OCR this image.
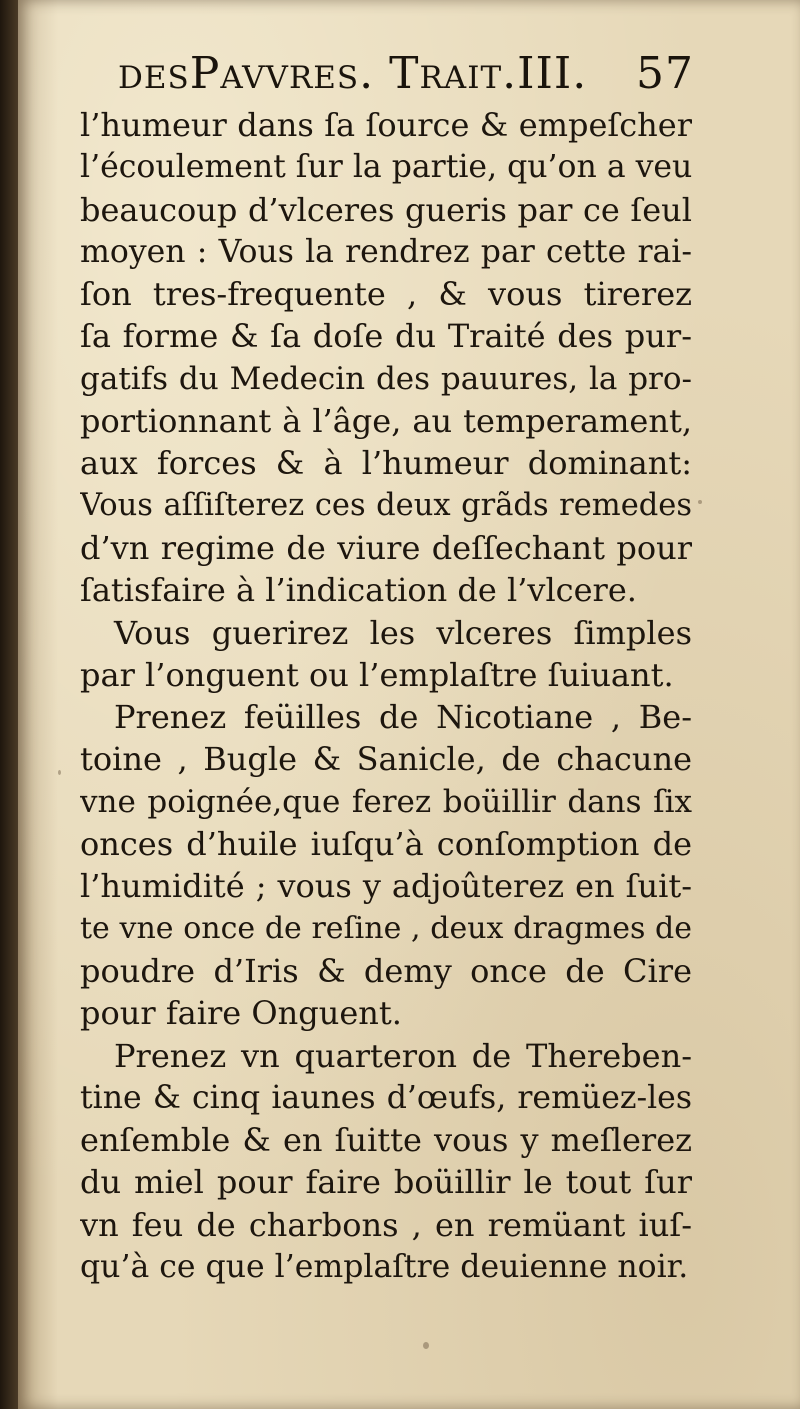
desPavvres. Trait.III. 57
l’humeur dans ſa ſource & empeſcher
l’écoulement ſur la partie, qu’on a veu
beaucoup d’vlceres gueris par ce ſeul
moyen : Vous la rendrez par cette rai-
ſon tres-frequente , & vous tirerez
ſa forme & ſa doſe du Traité des pur-
gatifs du Medecin des pauures, la pro-
portionnant à l’âge, au temperament,
aux forces & à l’humeur dominant:
Vous aſſiſterez ces deux grãds remedes
d’vn regime de viure deſſechant pour
ſatisfaire à l’indication de l’vlcere.
Vous guerirez les vlceres ſimples
par l’onguent ou l’emplaſtre ſuiuant.
Prenez feüilles de Nicotiane , Be-
toine , Bugle & Sanicle, de chacune
vne poignée,que ferez boüillir dans ſix
onces d’huile iuſqu’à conſomption de
l’humidité ; vous y adjoûterez en ſuit-
te vne once de reſine , deux dragmes de
poudre d’Iris & demy once de Cire
pour faire Onguent.
Prenez vn quarteron de Thereben-
tine & cinq iaunes d’œufs, remüez-les
enſemble & en ſuitte vous y meſlerez
du miel pour faire boüillir le tout ſur
vn feu de charbons , en remüant iuſ-
qu’à ce que l’emplaſtre deuienne noir.
